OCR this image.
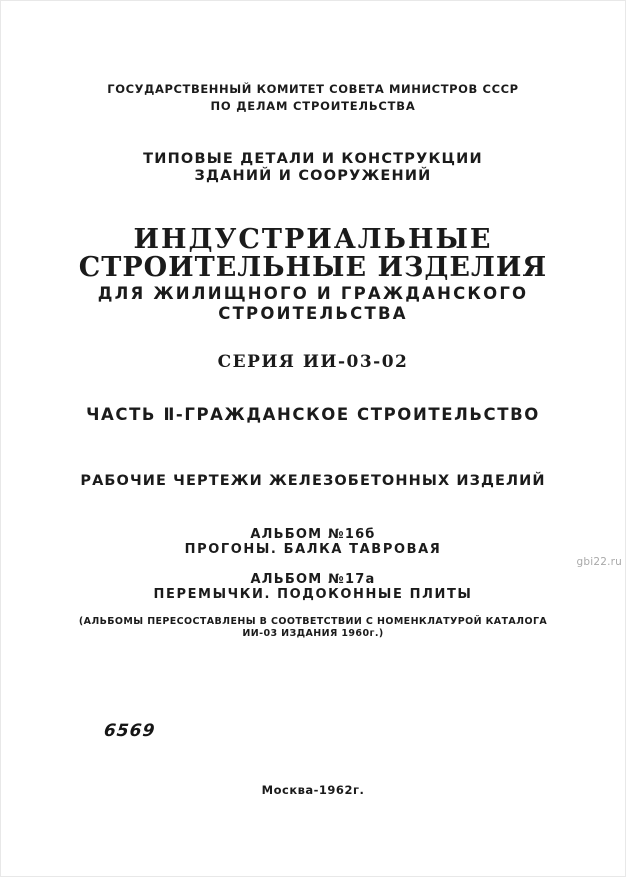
ГОСУДАРСТВЕННЫЙ КОМИТЕТ СОВЕТА МИНИСТРОВ СССР
ПО ДЕЛАМ СТРОИТЕЛЬСТВА
ТИПОВЫЕ ДЕТАЛИ И КОНСТРУКЦИИ
ЗДАНИЙ И СООРУЖЕНИЙ
ИНДУСТРИАЛЬНЫЕ
СТРОИТЕЛЬНЫЕ ИЗДЕЛИЯ
ДЛЯ ЖИЛИЩНОГО И ГРАЖДАНСКОГО
СТРОИТЕЛЬСТВА
СЕРИЯ ИИ-03-02
ЧАСТЬ Ⅱ-ГРАЖДАНСКОЕ СТРОИТЕЛЬСТВО
РАБОЧИЕ ЧЕРТЕЖИ ЖЕЛЕЗОБЕТОННЫХ ИЗДЕЛИЙ
АЛЬБОМ №16б
ПРОГОНЫ. БАЛКА ТАВРОВАЯ
АЛЬБОМ №17а
ПЕРЕМЫЧКИ. ПОДОКОННЫЕ ПЛИТЫ
(АЛЬБОМЫ ПЕРЕСОСТАВЛЕНЫ В СООТВЕТСТВИИ С НОМЕНКЛАТУРОЙ КАТАЛОГА
ИИ-03 ИЗДАНИЯ 1960г.)
6569
Москва-1962г.
gbi22.ru
